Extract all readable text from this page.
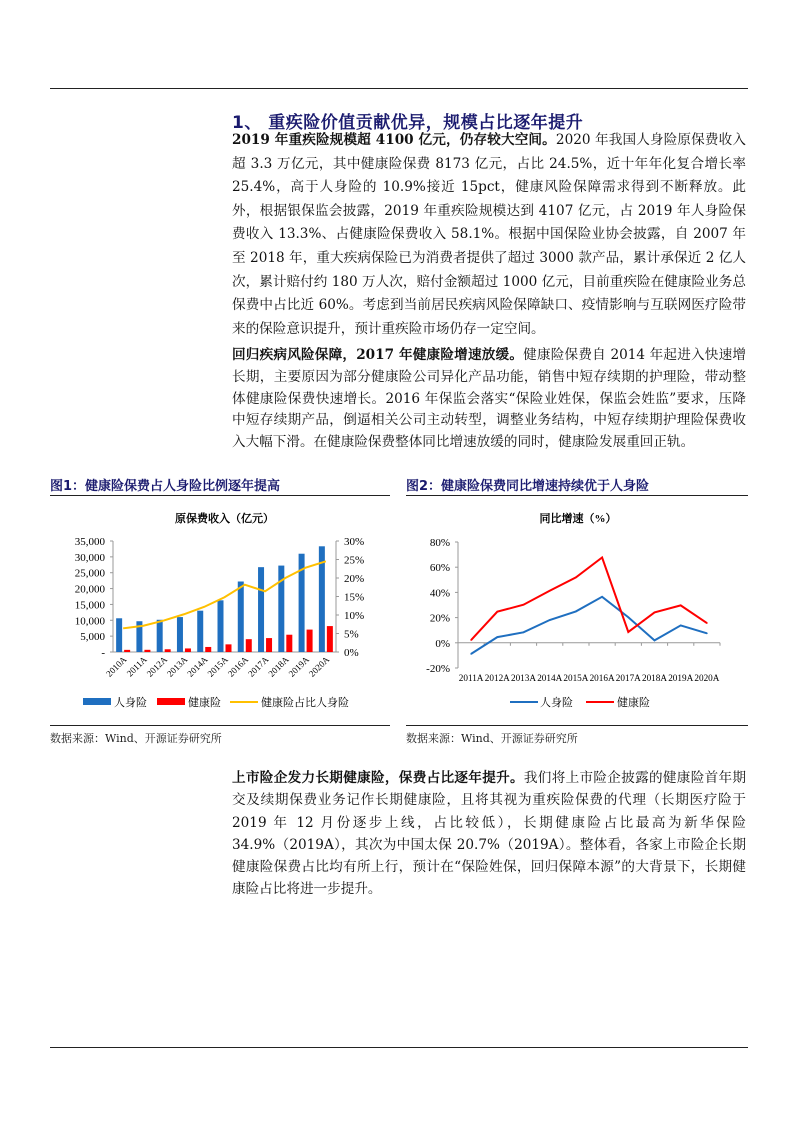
1、 重疾险价值贡献优异，规模占比逐年提升

2019 年重疾险规模超 4100 亿元，仍存较大空间。2020 年我国人身险原保费收入超 3.3 万亿元，其中健康险保费 8173 亿元，占比 24.5%，近十年年化复合增长率 25.4%，高于人身险的 10.9%接近 15pct，健康风险保障需求得到不断释放。此外，根据银保监会披露，2019 年重疾险规模达到 4107 亿元，占 2019 年人身险保费收入 13.3%、占健康险保费收入 58.1%。根据中国保险业协会披露，自 2007 年至 2018 年，重大疾病保险已为消费者提供了超过 3000 款产品，累计承保近 2 亿人次，累计赔付约 180 万人次，赔付金额超过 1000 亿元，目前重疾险在健康险业务总保费中占比近 60%。考虑到当前居民疾病风险保障缺口、疫情影响与互联网医疗险带来的保险意识提升，预计重疾险市场仍存一定空间。

回归疾病风险保障，2017 年健康险增速放缓。健康险保费自 2014 年起进入快速增长期，主要原因为部分健康险公司异化产品功能，销售中短存续期的护理险，带动整体健康险保费快速增长。2016 年保监会落实“保险业姓保，保监会姓监”要求，压降中短存续期产品，倒逼相关公司主动转型，调整业务结构，中短存续期护理险保费收入大幅下滑。在健康险保费整体同比增速放缓的同时，健康险发展重回正轨。

图1：健康险保费占人身险比例逐年提高
原保费收入（亿元）
-
5,000
10,000
15,000
20,000
25,000
30,000
35,000
0%
5%
10%
15%
20%
25%
30%
2010A
2011A
2012A
2013A
2014A
2015A
2016A
2017A
2018A
2019A
2020A
人身险	健康险	健康险占比人身险
数据来源：Wind、开源证券研究所
图2：健康险保费同比增速持续优于人身险
同比增速（%）
-20%
0%
20%
40%
60%
80%
2011A 2012A 2013A 2014A 2015A 2016A 2017A 2018A 2019A 2020A
人身险	健康险
数据来源：Wind、开源证券研究所

上市险企发力长期健康险，保费占比逐年提升。我们将上市险企披露的健康险首年期交及续期保费业务记作长期健康险，且将其视为重疾险保费的代理（长期医疗险于 2019 年 12 月份逐步上线，占比较低），长期健康险占比最高为新华保险 34.9%（2019A），其次为中国太保 20.7%（2019A）。整体看，各家上市险企长期健康险保费占比均有所上行，预计在“保险姓保，回归保障本源”的大背景下，长期健康险占比将进一步提升。
